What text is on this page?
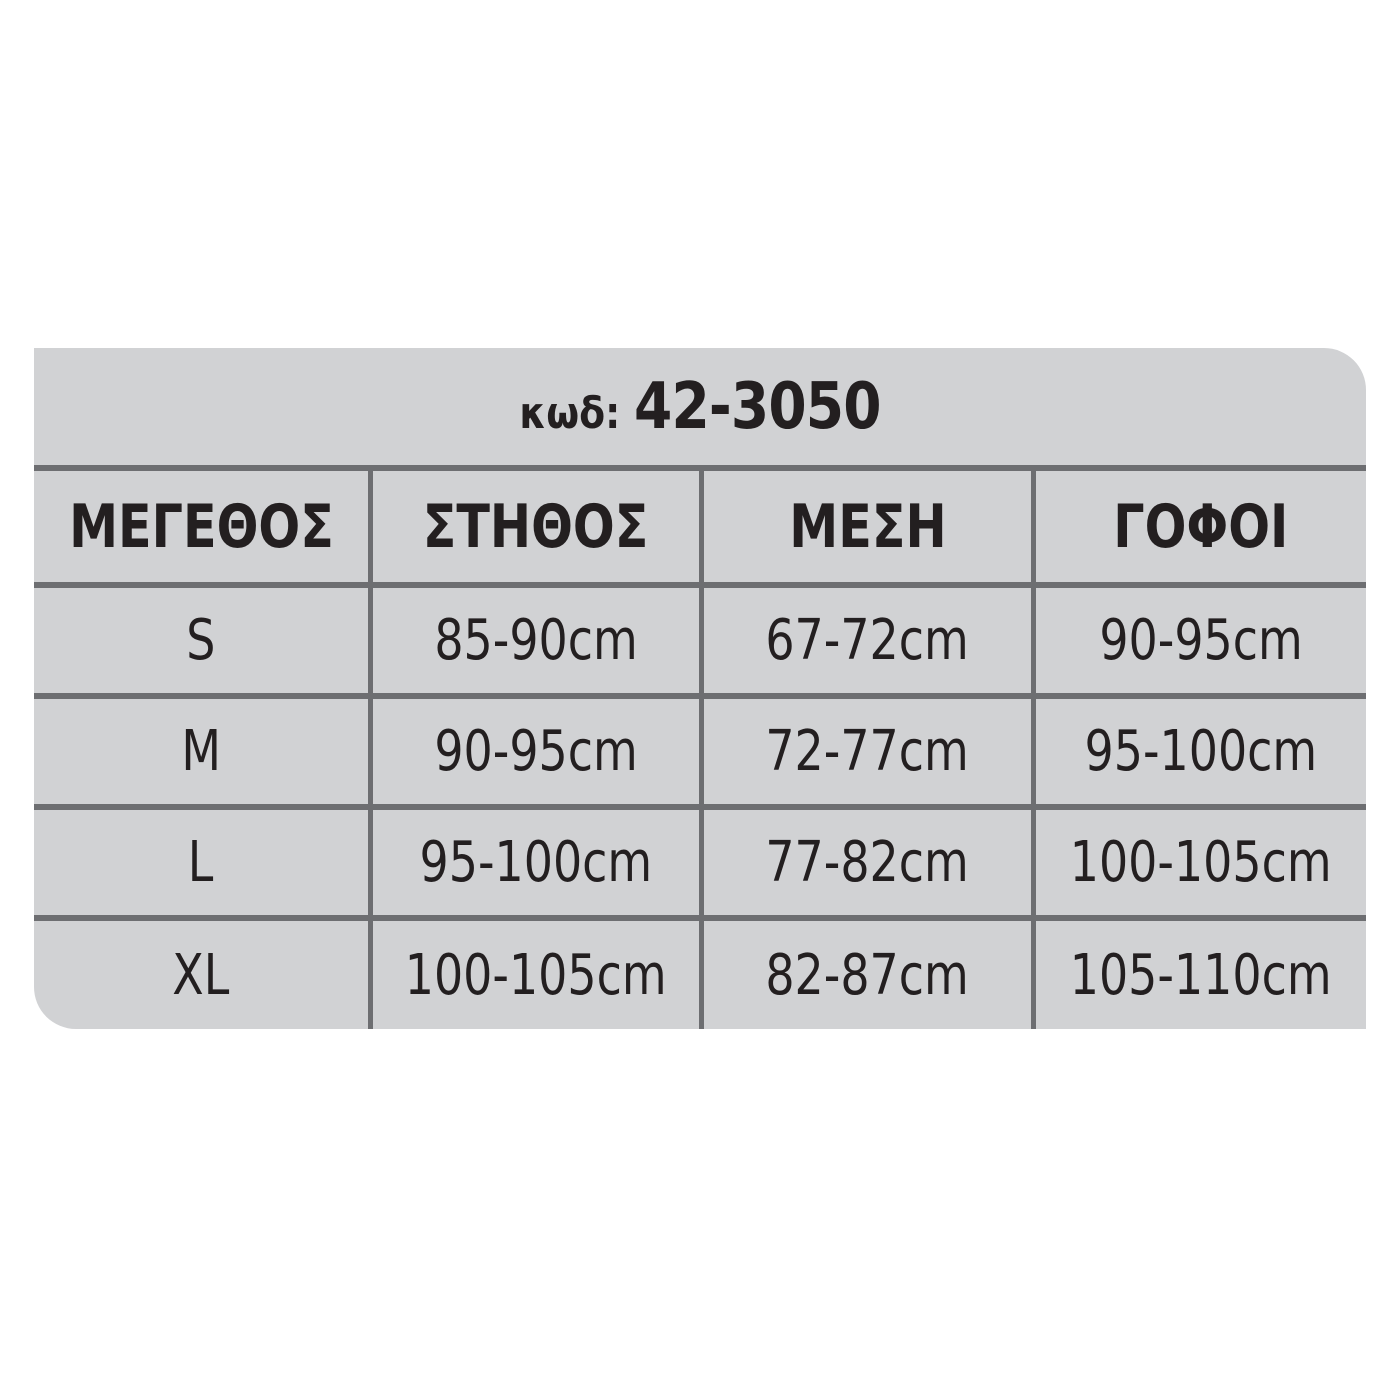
κωδ: 42-3050
ΜΕΓΕΘΟΣ ΣΤΗΘΟΣ ΜΕΣΗ	ΓΟΦΟΙ
S	85-90cm 67-72cm 90-95cm
M	90-95cm 72-77cm 95-100cm
L	95-100cm 77-82cm 100-105cm
XL	100-105cm 82-87cm 105-110cm
